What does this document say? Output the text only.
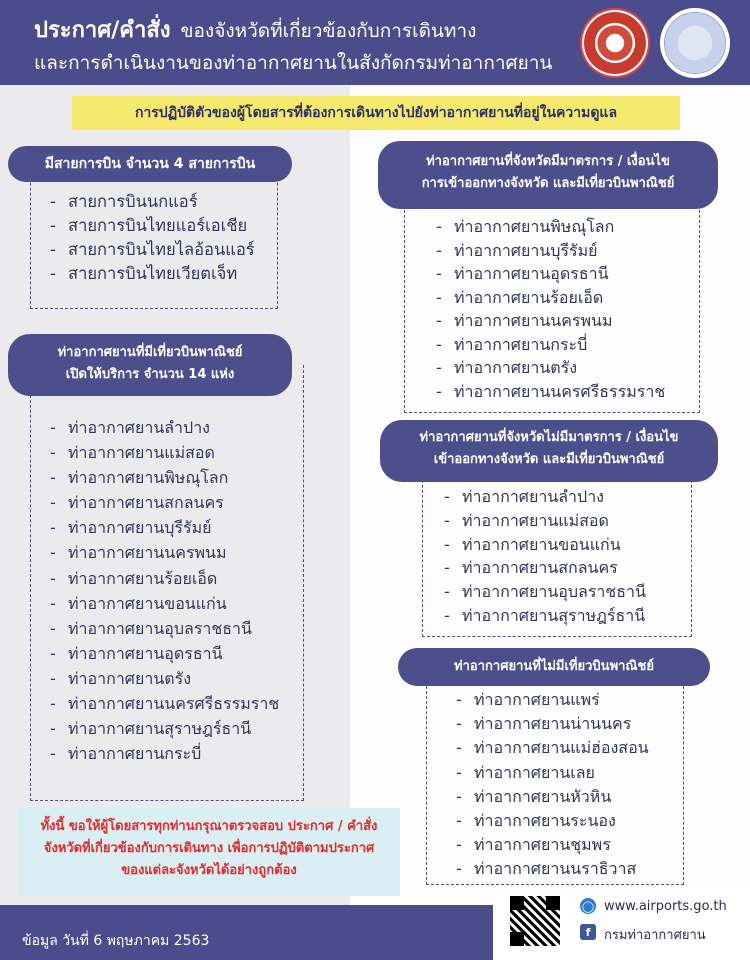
ประกาศ/คำสั่ง ของจังหวัดที่เกี่ยวข้องกับการเดินทาง
และการดำเนินงานของท่าอากาศยานในสังกัดกรมท่าอากาศยาน
การปฏิบัติตัวของผู้โดยสารที่ต้องการเดินทางไปยังท่าอากาศยานที่อยู่ในความดูแล
มีสายการบิน จำนวน 4 สายการบิน
- สายการบินนกแอร์
- สายการบินไทยแอร์เอเชีย
- สายการบินไทยไลอ้อนแอร์
- สายการบินไทยเวียตเจ็ท
ท่าอากาศยานที่มีเที่ยวบินพาณิชย์
เปิดให้บริการ จำนวน 14 แห่ง
- ท่าอากาศยานลำปาง
- ท่าอากาศยานแม่สอด
- ท่าอากาศยานพิษณุโลก
- ท่าอากาศยานสกลนคร
- ท่าอากาศยานบุรีรัมย์
- ท่าอากาศยานนครพนม
- ท่าอากาศยานร้อยเอ็ด
- ท่าอากาศยานขอนแก่น
- ท่าอากาศยานอุบลราชธานี
- ท่าอากาศยานอุดรธานี
- ท่าอากาศยานตรัง
- ท่าอากาศยานนครศรีธรรมราช
- ท่าอากาศยานสุราษฎร์ธานี
- ท่าอากาศยานกระบี่
ท่าอากาศยานที่จังหวัดมีมาตรการ / เงื่อนไข
การเข้าออกทางจังหวัด และมีเที่ยวบินพาณิชย์
- ท่าอากาศยานพิษณุโลก
- ท่าอากาศยานบุรีรัมย์
- ท่าอากาศยานอุดรธานี
- ท่าอากาศยานร้อยเอ็ด
- ท่าอากาศยานนครพนม
- ท่าอากาศยานกระบี่
- ท่าอากาศยานตรัง
- ท่าอากาศยานนครศรีธรรมราช
ท่าอากาศยานที่จังหวัดไม่มีมาตรการ / เงื่อนไข
เข้าออกทางจังหวัด และมีเที่ยวบินพาณิชย์
- ท่าอากาศยานลำปาง
- ท่าอากาศยานแม่สอด
- ท่าอากาศยานขอนแก่น
- ท่าอากาศยานสกลนคร
- ท่าอากาศยานอุบลราชธานี
- ท่าอากาศยานสุราษฎร์ธานี
ท่าอากาศยานที่ไม่มีเที่ยวบินพาณิชย์
- ท่าอากาศยานแพร่
- ท่าอากาศยานน่านนคร
- ท่าอากาศยานแม่ฮ่องสอน
- ท่าอากาศยานเลย
- ท่าอากาศยานหัวหิน
- ท่าอากาศยานระนอง
- ท่าอากาศยานชุมพร
- ท่าอากาศยานนราธิวาส
ทั้งนี้ ขอให้ผู้โดยสารทุกท่านกรุณาตรวจสอบ ประกาศ / คำสั่ง
จังหวัดที่เกี่ยวข้องกับการเดินทาง เพื่อการปฏิบัติตามประกาศ
ของแต่ละจังหวัดได้อย่างถูกต้อง
ข้อมูล วันที่ 6 พฤษภาคม 2563
◯ www.airports.go.th
f	กรมท่าอากาศยาน
